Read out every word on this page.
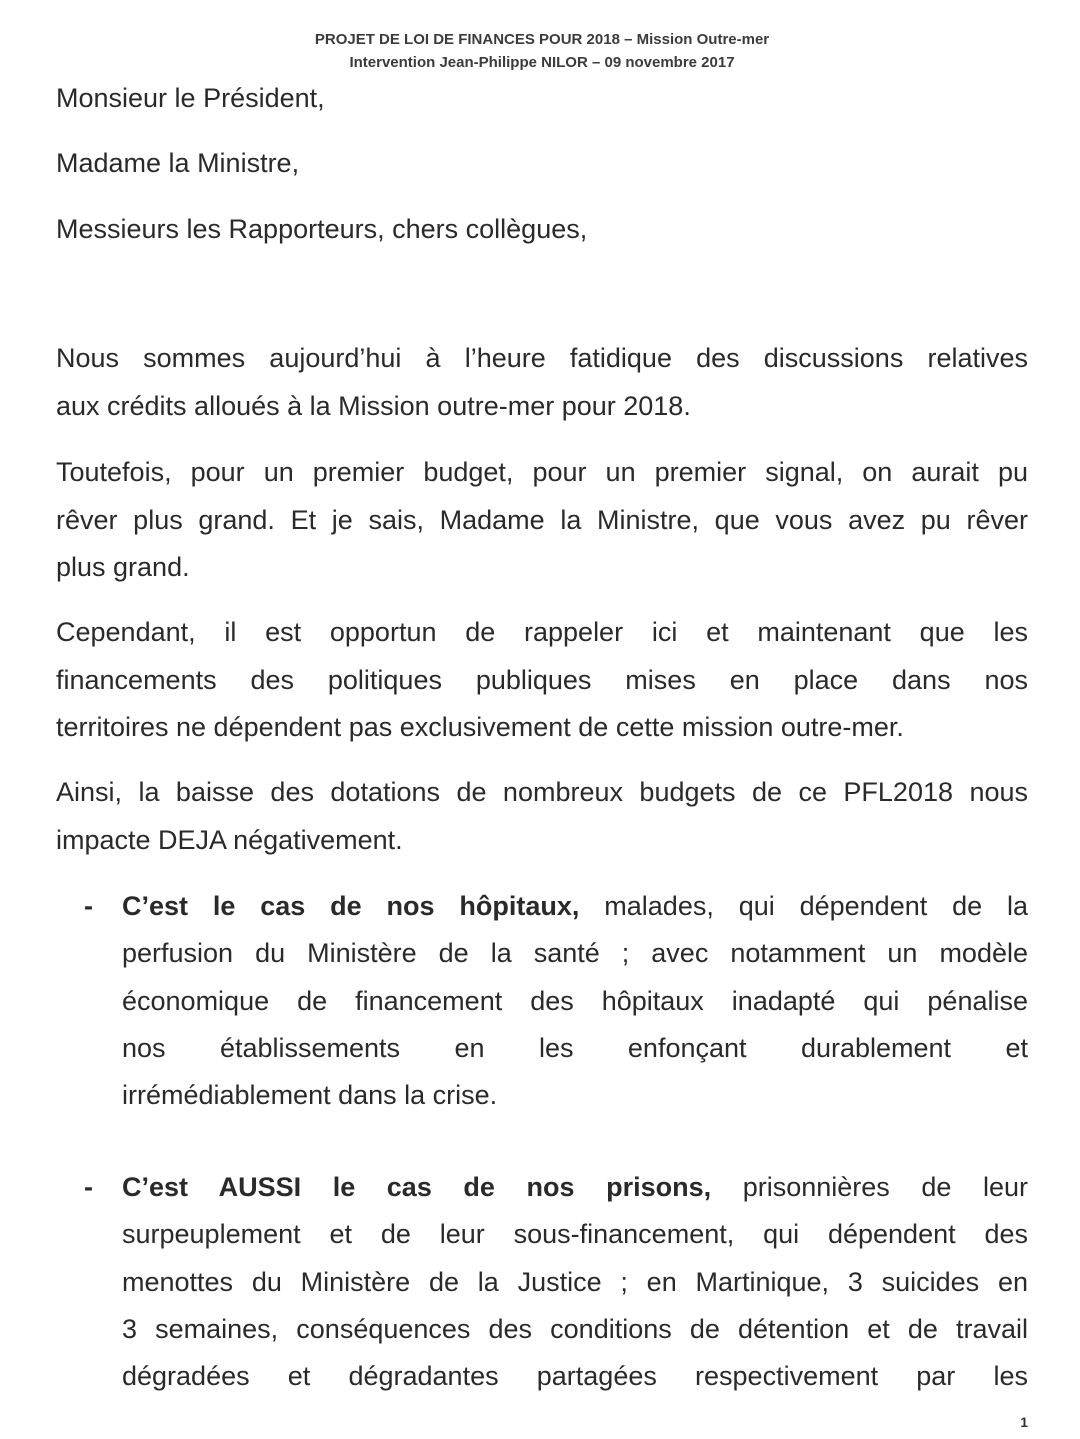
PROJET DE LOI DE FINANCES POUR 2018 – Mission Outre-mer
Intervention Jean-Philippe NILOR – 09 novembre 2017
Monsieur le Président,
Madame la Ministre,
Messieurs les Rapporteurs, chers collègues,
Nous sommes aujourd’hui à l’heure fatidique des discussions relatives
aux crédits alloués à la Mission outre-mer pour 2018.
Toutefois, pour un premier budget, pour un premier signal, on aurait pu
rêver plus grand. Et je sais, Madame la Ministre, que vous avez pu rêver
plus grand.
Cependant, il est opportun de rappeler ici et maintenant que les
financements des politiques publiques mises en place dans nos
territoires ne dépendent pas exclusivement de cette mission outre-mer.
Ainsi, la baisse des dotations de nombreux budgets de ce PFL2018 nous
impacte DEJA négativement.
- C’est le cas de nos hôpitaux, malades, qui dépendent de la
perfusion du Ministère de la santé ; avec notamment un modèle
économique de financement des hôpitaux inadapté qui pénalise
nos établissements en les enfonçant durablement et
irrémédiablement dans la crise.
- C’est AUSSI le cas de nos prisons, prisonnières de leur
surpeuplement et de leur sous-financement, qui dépendent des
menottes du Ministère de la Justice ; en Martinique, 3 suicides en
3 semaines, conséquences des conditions de détention et de travail
dégradées et dégradantes partagées respectivement par les
1
